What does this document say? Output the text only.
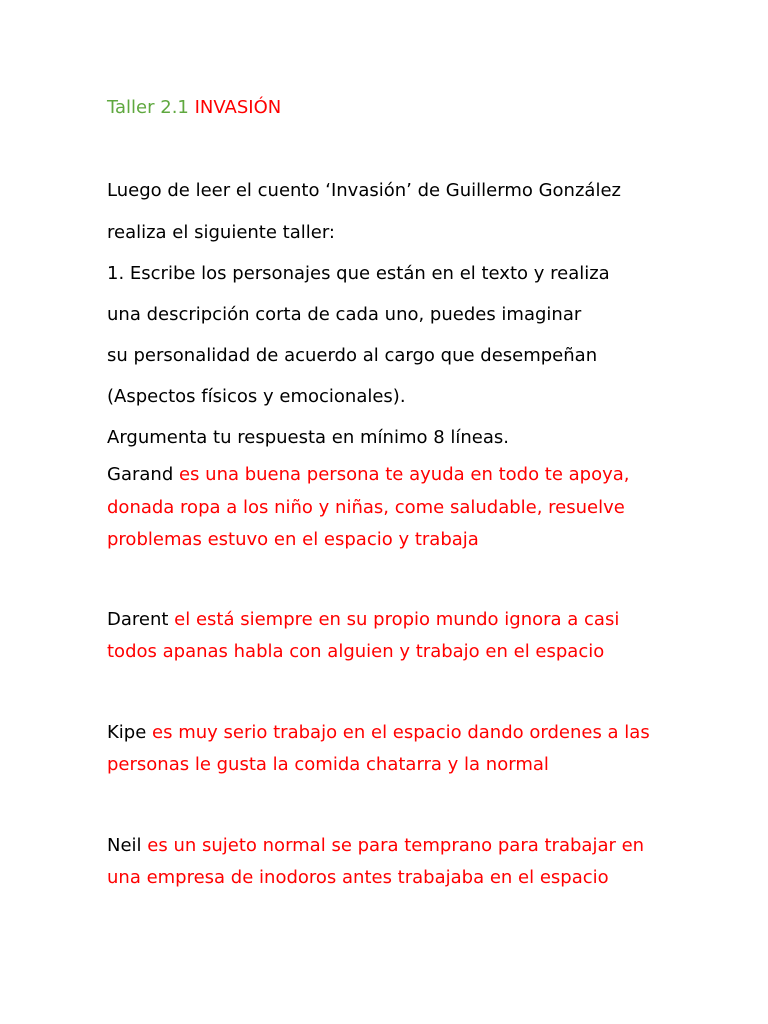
Taller 2.1 INVASIÓN
Luego de leer el cuento ‘Invasión’ de Guillermo González
realiza el siguiente taller:
1. Escribe los personajes que están en el texto y realiza
una descripción corta de cada uno, puedes imaginar
su personalidad de acuerdo al cargo que desempeñan
(Aspectos físicos y emocionales).
Argumenta tu respuesta en mínimo 8 líneas.
Garand es una buena persona te ayuda en todo te apoya,
donada ropa a los niño y niñas, come saludable, resuelve
problemas estuvo en el espacio y trabaja
Darent el está siempre en su propio mundo ignora a casi
todos apanas habla con alguien y trabajo en el espacio
Kipe es muy serio trabajo en el espacio dando ordenes a las
personas le gusta la comida chatarra y la normal
Neil es un sujeto normal se para temprano para trabajar en
una empresa de inodoros antes trabajaba en el espacio
